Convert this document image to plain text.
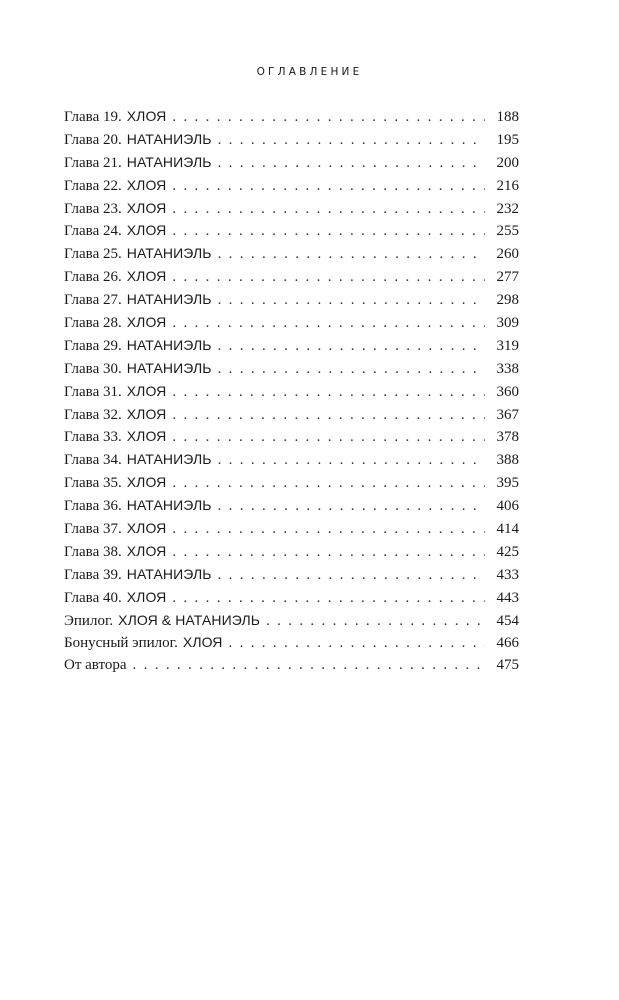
ОГЛАВЛЕНИЕ
Глава 19. ХЛОЯ . . .	188
Глава 20. НАТАНИЭЛЬ . . .	195
Глава 21. НАТАНИЭЛЬ . . .	200
Глава 22. ХЛОЯ . . .	216
Глава 23. ХЛОЯ . . .	232
Глава 24. ХЛОЯ . . .	255
Глава 25. НАТАНИЭЛЬ . . .	260
Глава 26. ХЛОЯ . . .	277
Глава 27. НАТАНИЭЛЬ . . .	298
Глава 28. ХЛОЯ . . .	309
Глава 29. НАТАНИЭЛЬ . . .	319
Глава 30. НАТАНИЭЛЬ . . .	338
Глава 31. ХЛОЯ . . .	360
Глава 32. ХЛОЯ . . .	367
Глава 33. ХЛОЯ . . .	378
Глава 34. НАТАНИЭЛЬ . . .	388
Глава 35. ХЛОЯ . . .	395
Глава 36. НАТАНИЭЛЬ . . .	406
Глава 37. ХЛОЯ . . .	414
Глава 38. ХЛОЯ . . .	425
Глава 39. НАТАНИЭЛЬ . . .	433
Глава 40. ХЛОЯ . . .	443
Эпилог. ХЛОЯ & НАТАНИЭЛЬ . . .	454
Бонусный эпилог. ХЛОЯ . . .	466
От автора . . .	475
